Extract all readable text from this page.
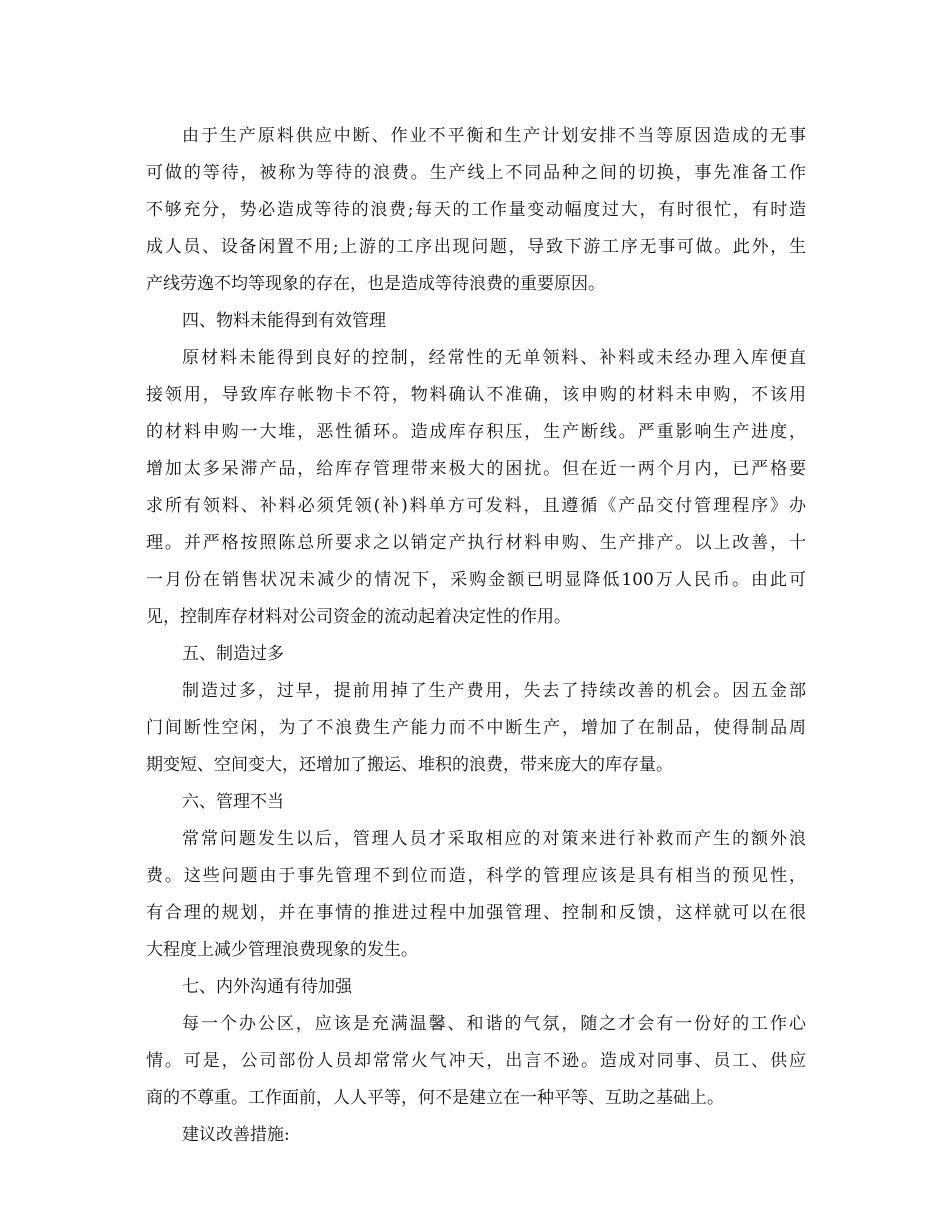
由于生产原料供应中断、作业不平衡和生产计划安排不当等原因造成的无事
可做的等待，被称为等待的浪费。生产线上不同品种之间的切换，事先准备工作
不够充分，势必造成等待的浪费;每天的工作量变动幅度过大，有时很忙，有时造
成人员、设备闲置不用;上游的工序出现问题，导致下游工序无事可做。此外，生
产线劳逸不均等现象的存在，也是造成等待浪费的重要原因。
四、物料未能得到有效管理
原材料未能得到良好的控制，经常性的无单领料、补料或未经办理入库便直
接领用，导致库存帐物卡不符，物料确认不准确，该申购的材料未申购，不该用
的材料申购一大堆，恶性循环。造成库存积压，生产断线。严重影响生产进度，
增加太多呆滞产品，给库存管理带来极大的困扰。但在近一两个月内，已严格要
求所有领料、补料必须凭领(补)料单方可发料，且遵循《产品交付管理程序》办
理。并严格按照陈总所要求之以销定产执行材料申购、生产排产。以上改善，十
一月份在销售状况未减少的情况下，采购金额已明显降低100万人民币。由此可
见，控制库存材料对公司资金的流动起着决定性的作用。
五、制造过多
制造过多，过早，提前用掉了生产费用，失去了持续改善的机会。因五金部
门间断性空闲，为了不浪费生产能力而不中断生产，增加了在制品，使得制品周
期变短、空间变大，还增加了搬运、堆积的浪费，带来庞大的库存量。
六、管理不当
常常问题发生以后，管理人员才采取相应的对策来进行补救而产生的额外浪
费。这些问题由于事先管理不到位而造，科学的管理应该是具有相当的预见性，
有合理的规划，并在事情的推进过程中加强管理、控制和反馈，这样就可以在很
大程度上减少管理浪费现象的发生。
七、内外沟通有待加强
每一个办公区，应该是充满温馨、和谐的气氛，随之才会有一份好的工作心
情。可是，公司部份人员却常常火气冲天，出言不逊。造成对同事、员工、供应
商的不尊重。工作面前，人人平等，何不是建立在一种平等、互助之基础上。
建议改善措施:
